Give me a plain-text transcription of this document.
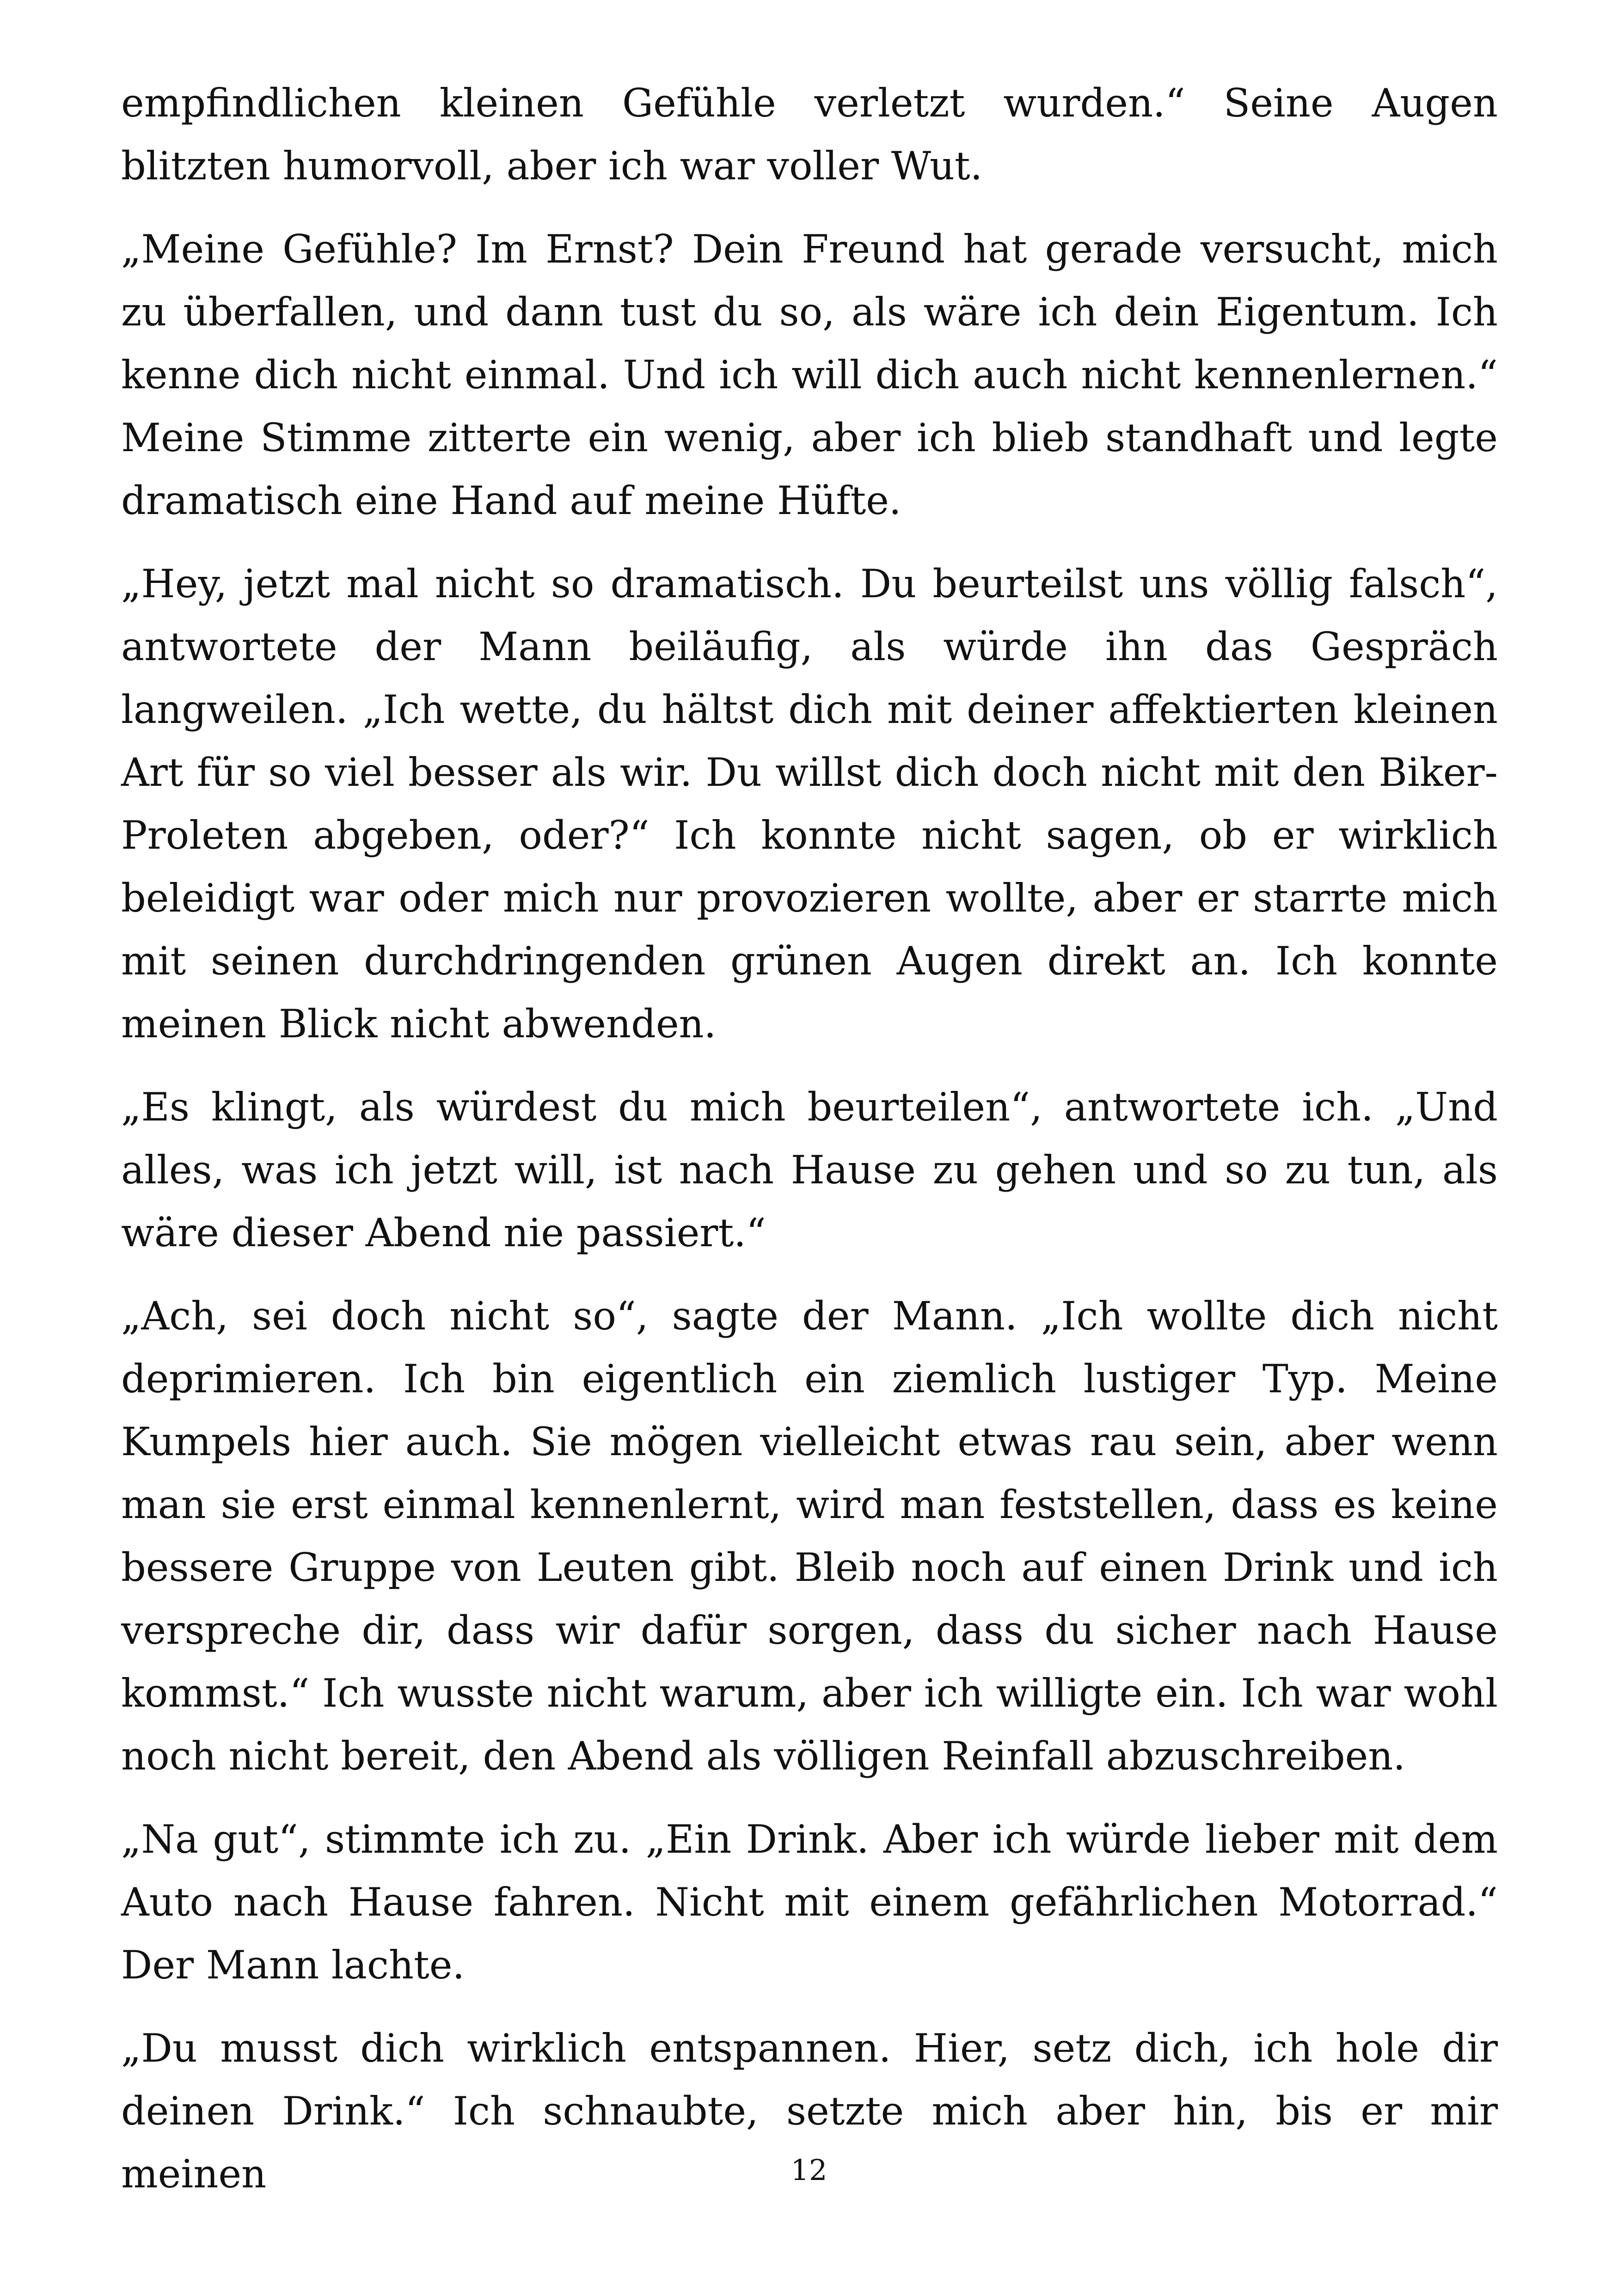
empfindlichen kleinen Gefühle verletzt wurden.“ Seine Augen blitzten humorvoll, aber ich war voller Wut.

„Meine Gefühle? Im Ernst? Dein Freund hat gerade versucht, mich zu überfallen, und dann tust du so, als wäre ich dein Eigentum. Ich kenne dich nicht einmal. Und ich will dich auch nicht kennenlernen.“ Meine Stimme zitterte ein wenig, aber ich blieb standhaft und legte dramatisch eine Hand auf meine Hüfte.

„Hey, jetzt mal nicht so dramatisch. Du beurteilst uns völlig falsch“, antwortete der Mann beiläufig, als würde ihn das Gespräch langweilen. „Ich wette, du hältst dich mit deiner affektierten kleinen Art für so viel besser als wir. Du willst dich doch nicht mit den Biker-Proleten abgeben, oder?“ Ich konnte nicht sagen, ob er wirklich beleidigt war oder mich nur provozieren wollte, aber er starrte mich mit seinen durchdringenden grünen Augen direkt an. Ich konnte meinen Blick nicht abwenden.

„Es klingt, als würdest du mich beurteilen“, antwortete ich. „Und alles, was ich jetzt will, ist nach Hause zu gehen und so zu tun, als wäre dieser Abend nie passiert.“

„Ach, sei doch nicht so“, sagte der Mann. „Ich wollte dich nicht deprimieren. Ich bin eigentlich ein ziemlich lustiger Typ. Meine Kumpels hier auch. Sie mögen vielleicht etwas rau sein, aber wenn man sie erst einmal kennenlernt, wird man feststellen, dass es keine bessere Gruppe von Leuten gibt. Bleib noch auf einen Drink und ich verspreche dir, dass wir dafür sorgen, dass du sicher nach Hause kommst.“ Ich wusste nicht warum, aber ich willigte ein. Ich war wohl noch nicht bereit, den Abend als völligen Reinfall abzuschreiben.

„Na gut“, stimmte ich zu. „Ein Drink. Aber ich würde lieber mit dem Auto nach Hause fahren. Nicht mit einem gefährlichen Motorrad.“ Der Mann lachte.

„Du musst dich wirklich entspannen. Hier, setz dich, ich hole dir deinen Drink.“ Ich schnaubte, setzte mich aber hin, bis er mir meinen	12
